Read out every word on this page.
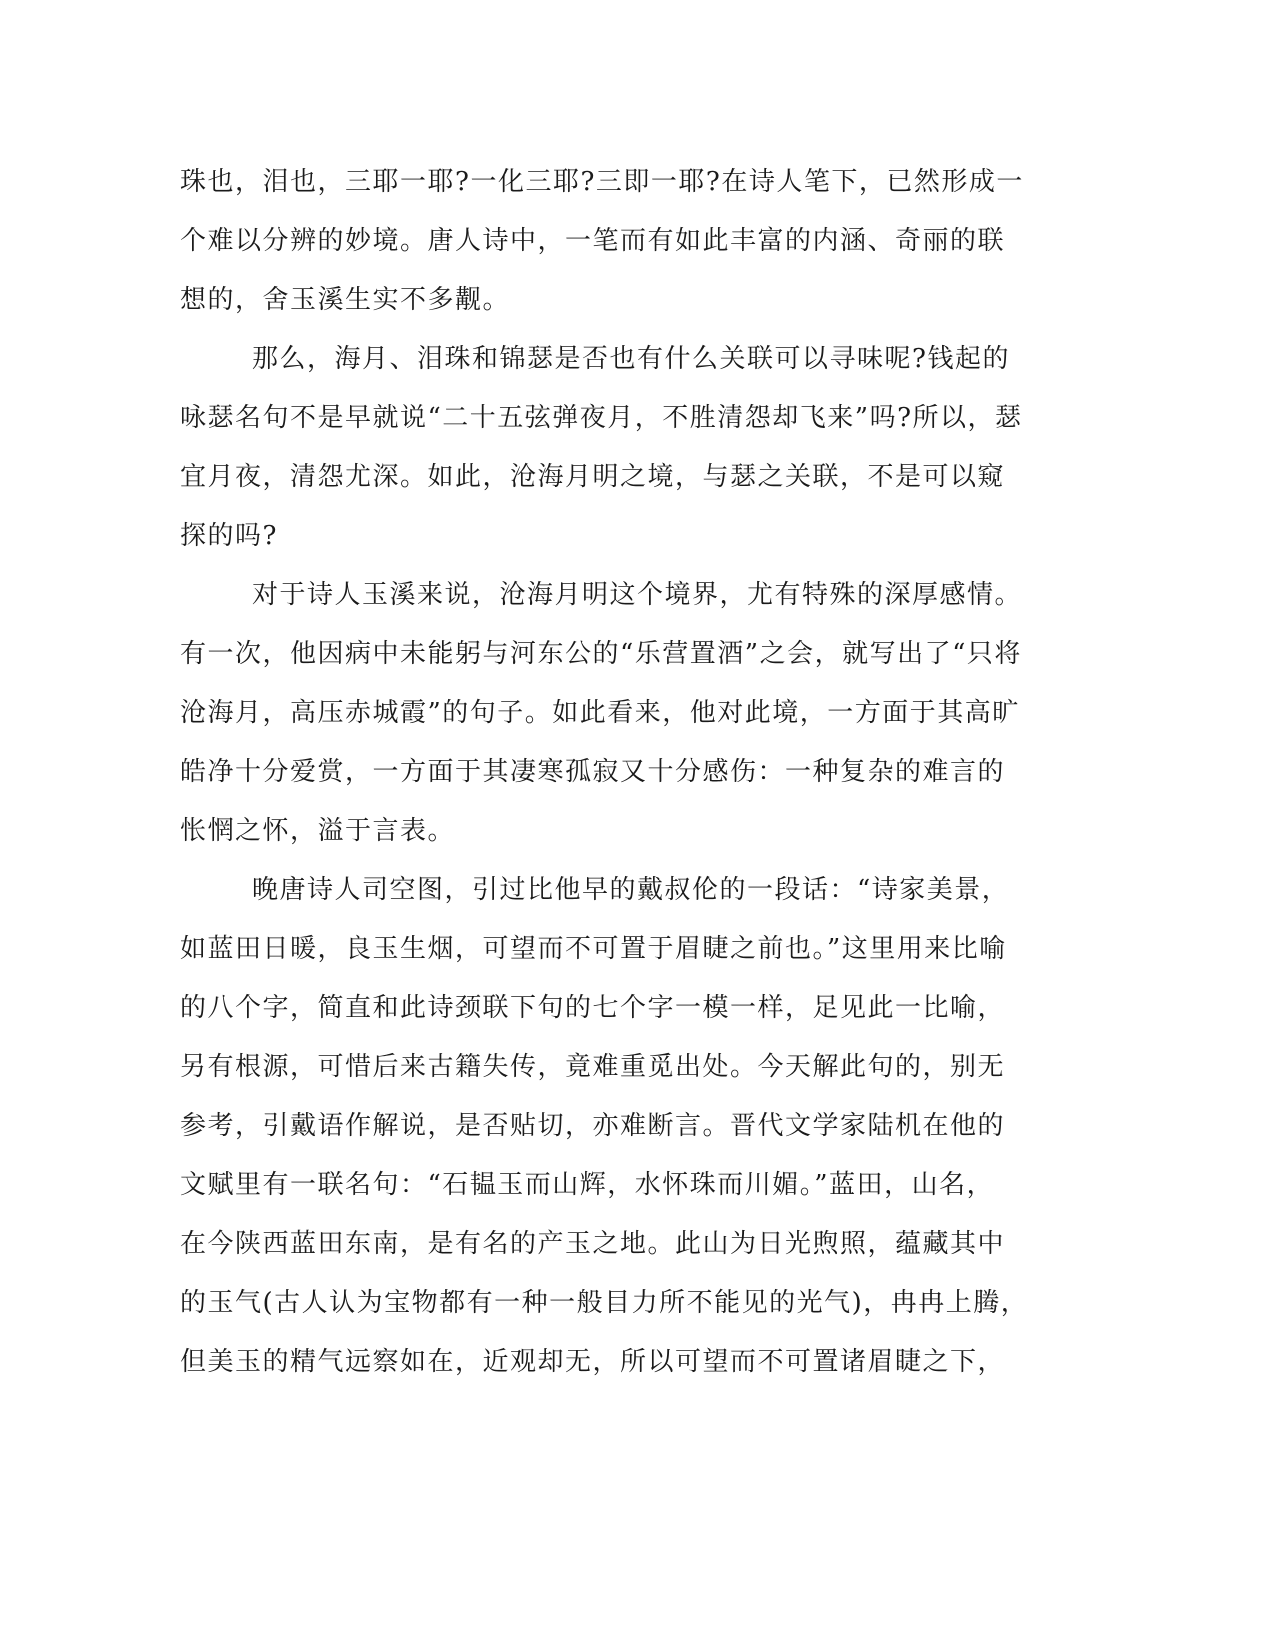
珠也，泪也，三耶一耶?一化三耶?三即一耶?在诗人笔下，已然形成一
个难以分辨的妙境。唐人诗中，一笔而有如此丰富的内涵、奇丽的联
想的，舍玉溪生实不多觏。
那么，海月、泪珠和锦瑟是否也有什么关联可以寻味呢?钱起的
咏瑟名句不是早就说“二十五弦弹夜月，不胜清怨却飞来”吗?所以，瑟
宜月夜，清怨尤深。如此，沧海月明之境，与瑟之关联，不是可以窥
探的吗?
对于诗人玉溪来说，沧海月明这个境界，尤有特殊的深厚感情。
有一次，他因病中未能躬与河东公的“乐营置酒”之会，就写出了“只将
沧海月，高压赤城霞”的句子。如此看来，他对此境，一方面于其高旷
皓净十分爱赏，一方面于其凄寒孤寂又十分感伤：一种复杂的难言的
怅惘之怀，溢于言表。
晚唐诗人司空图，引过比他早的戴叔伦的一段话：“诗家美景，
如蓝田日暖，良玉生烟，可望而不可置于眉睫之前也。”这里用来比喻
的八个字，简直和此诗颈联下句的七个字一模一样，足见此一比喻，
另有根源，可惜后来古籍失传，竟难重觅出处。今天解此句的，别无
参考，引戴语作解说，是否贴切，亦难断言。晋代文学家陆机在他的
文赋里有一联名句：“石韫玉而山辉，水怀珠而川媚。”蓝田，山名，
在今陕西蓝田东南，是有名的产玉之地。此山为日光煦照，蕴藏其中
的玉气(古人认为宝物都有一种一般目力所不能见的光气)，冉冉上腾，
但美玉的精气远察如在，近观却无，所以可望而不可置诸眉睫之下，
